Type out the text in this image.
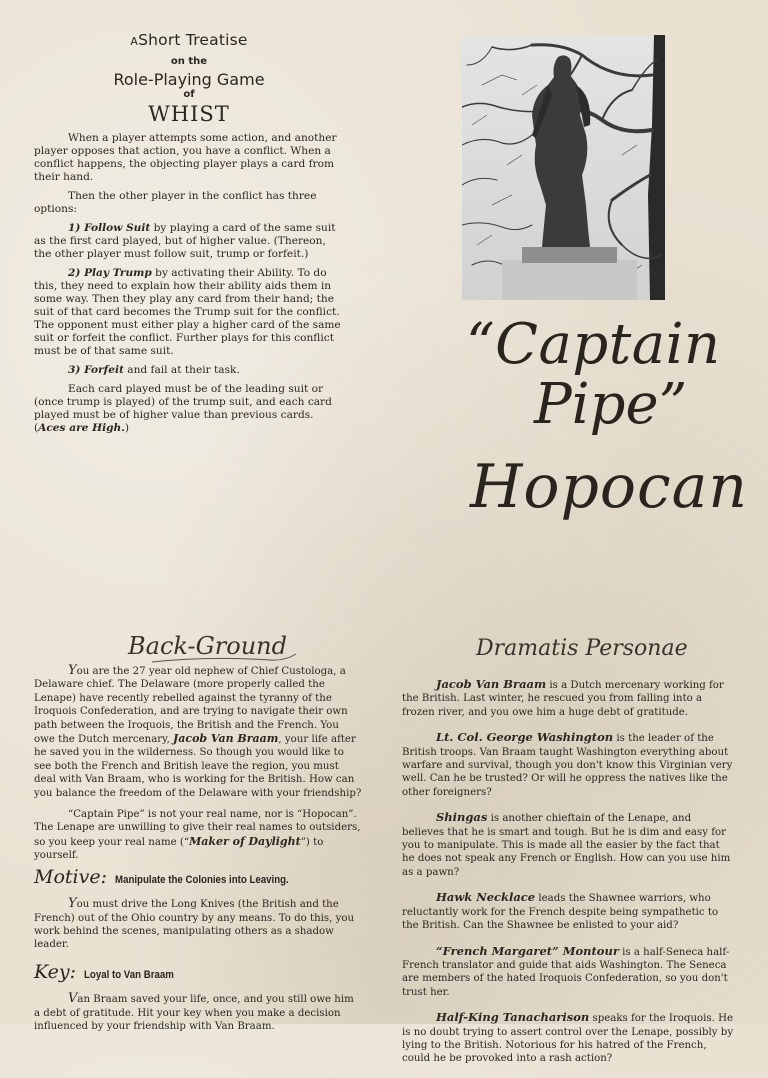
AShort Treatise
on the
Role-Playing Game
of
WHIST

When a player attempts some action, and another player opposes that action, you have a conflict. When a conflict happens, the objecting player plays a card from their hand.

Then the other player in the conflict has three options:

1) Follow Suit by playing a card of the same suit as the first card played, but of higher value. (Thereon, the other player must follow suit, trump or forfeit.)

2) Play Trump by activating their Ability. To do this, they need to explain how their ability aids them in some way. Then they play any card from their hand; the suit of that card becomes the Trump suit for the conflict. The opponent must either play a higher card of the same suit or forfeit the conflict. Further plays for this conflict must be of that same suit.

3) Forfeit and fail at their task.

Each card played must be of the leading suit or (once trump is played) of the trump suit, and each card played must be of higher value than previous cards.
(Aces are High.)

“Captain
Pipe”
Hopocan
Back-Ground	Dramatis Personae

You are the 27 year old nephew of Chief Custologa, a Delaware chief. The Delaware (more properly called the Lenape) have recently rebelled against the tyranny of the Iroquois Confederation, and are trying to navigate their own path between the Iroquois, the British and the French. You owe the Dutch mercenary, Jacob Van Braam, your life after he saved you in the wilderness. So though you would like to see both the French and British leave the region, you must deal with Van Braam, who is working for the British. How can you balance the freedom of the Delaware with your friendship?

“Captain Pipe” is not your real name, nor is “Hopocan”. The Lenape are unwilling to give their real names to outsiders, so you keep your real name (“Maker of Daylight”) to yourself.

Motive: Manipulate the Colonies into Leaving.

You must drive the Long Knives (the British and the French) out of the Ohio country by any means. To do this, you work behind the scenes, manipulating others as a shadow leader.

Key: Loyal to Van Braam

Van Braam saved your life, once, and you still owe him a debt of gratitude. Hit your key when you make a decision influenced by your friendship with Van Braam.

Jacob Van Braam is a Dutch mercenary working for the British. Last winter, he rescued you from falling into a frozen river, and you owe him a huge debt of gratitude.

Lt. Col. George Washington is the leader of the British troops. Van Braam taught Washington everything about warfare and survival, though you don't know this Virginian very well. Can he be trusted? Or will he oppress the natives like the other foreigners?

Shingas is another chieftain of the Lenape, and believes that he is smart and tough. But he is dim and easy for you to manipulate. This is made all the easier by the fact that he does not speak any French or English. How can you use him as a pawn?

Hawk Necklace leads the Shawnee warriors, who reluctantly work for the French despite being sympathetic to the British. Can the Shawnee be enlisted to your aid?

“French Margaret” Montour is a half-Seneca half-French translator and guide that aids Washington. The Seneca are members of the hated Iroquois Confederation, so you don't trust her.

Half-King Tanacharison speaks for the Iroquois. He is no doubt trying to assert control over the Lenape, possibly by lying to the British. Notorious for his hatred of the French, could he be provoked into a rash action?
